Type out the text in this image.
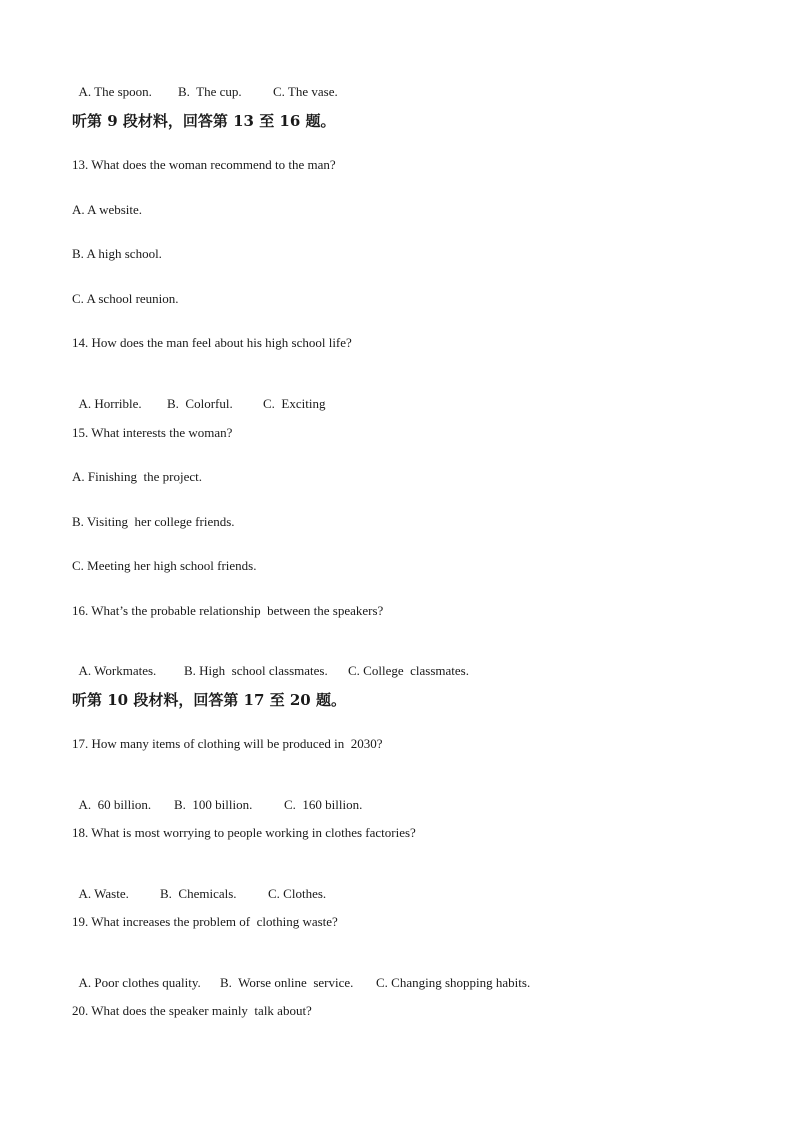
A. The spoon. B.  The cup. C. The vase.

听第 9 段材料，回答第 13 至 16 题。
13. What does the woman recommend to the man?
A. A website.
B. A high school.
C. A school reunion.
14. How does the man feel about his high school life?

A. Horrible. B.  Colorful. C.  Exciting

15. What interests the woman?
A. Finishing  the project.
B. Visiting  her college friends.
C. Meeting her high school friends.
16. What’s the probable relationship  between the speakers?

A. Workmates. B. High  school classmates. C. College  classmates.

听第 10 段材料，回答第 17 至 20 题。
17. How many items of clothing will be produced in  2030?

A.  60 billion. B.  100 billion. C.  160 billion.

18. What is most worrying to people working in clothes factories?

A. Waste. B.  Chemicals. C. Clothes.

19. What increases the problem of  clothing waste?

A. Poor clothes quality. B.  Worse online  service. C. Changing shopping habits.

20. What does the speaker mainly  talk about?
